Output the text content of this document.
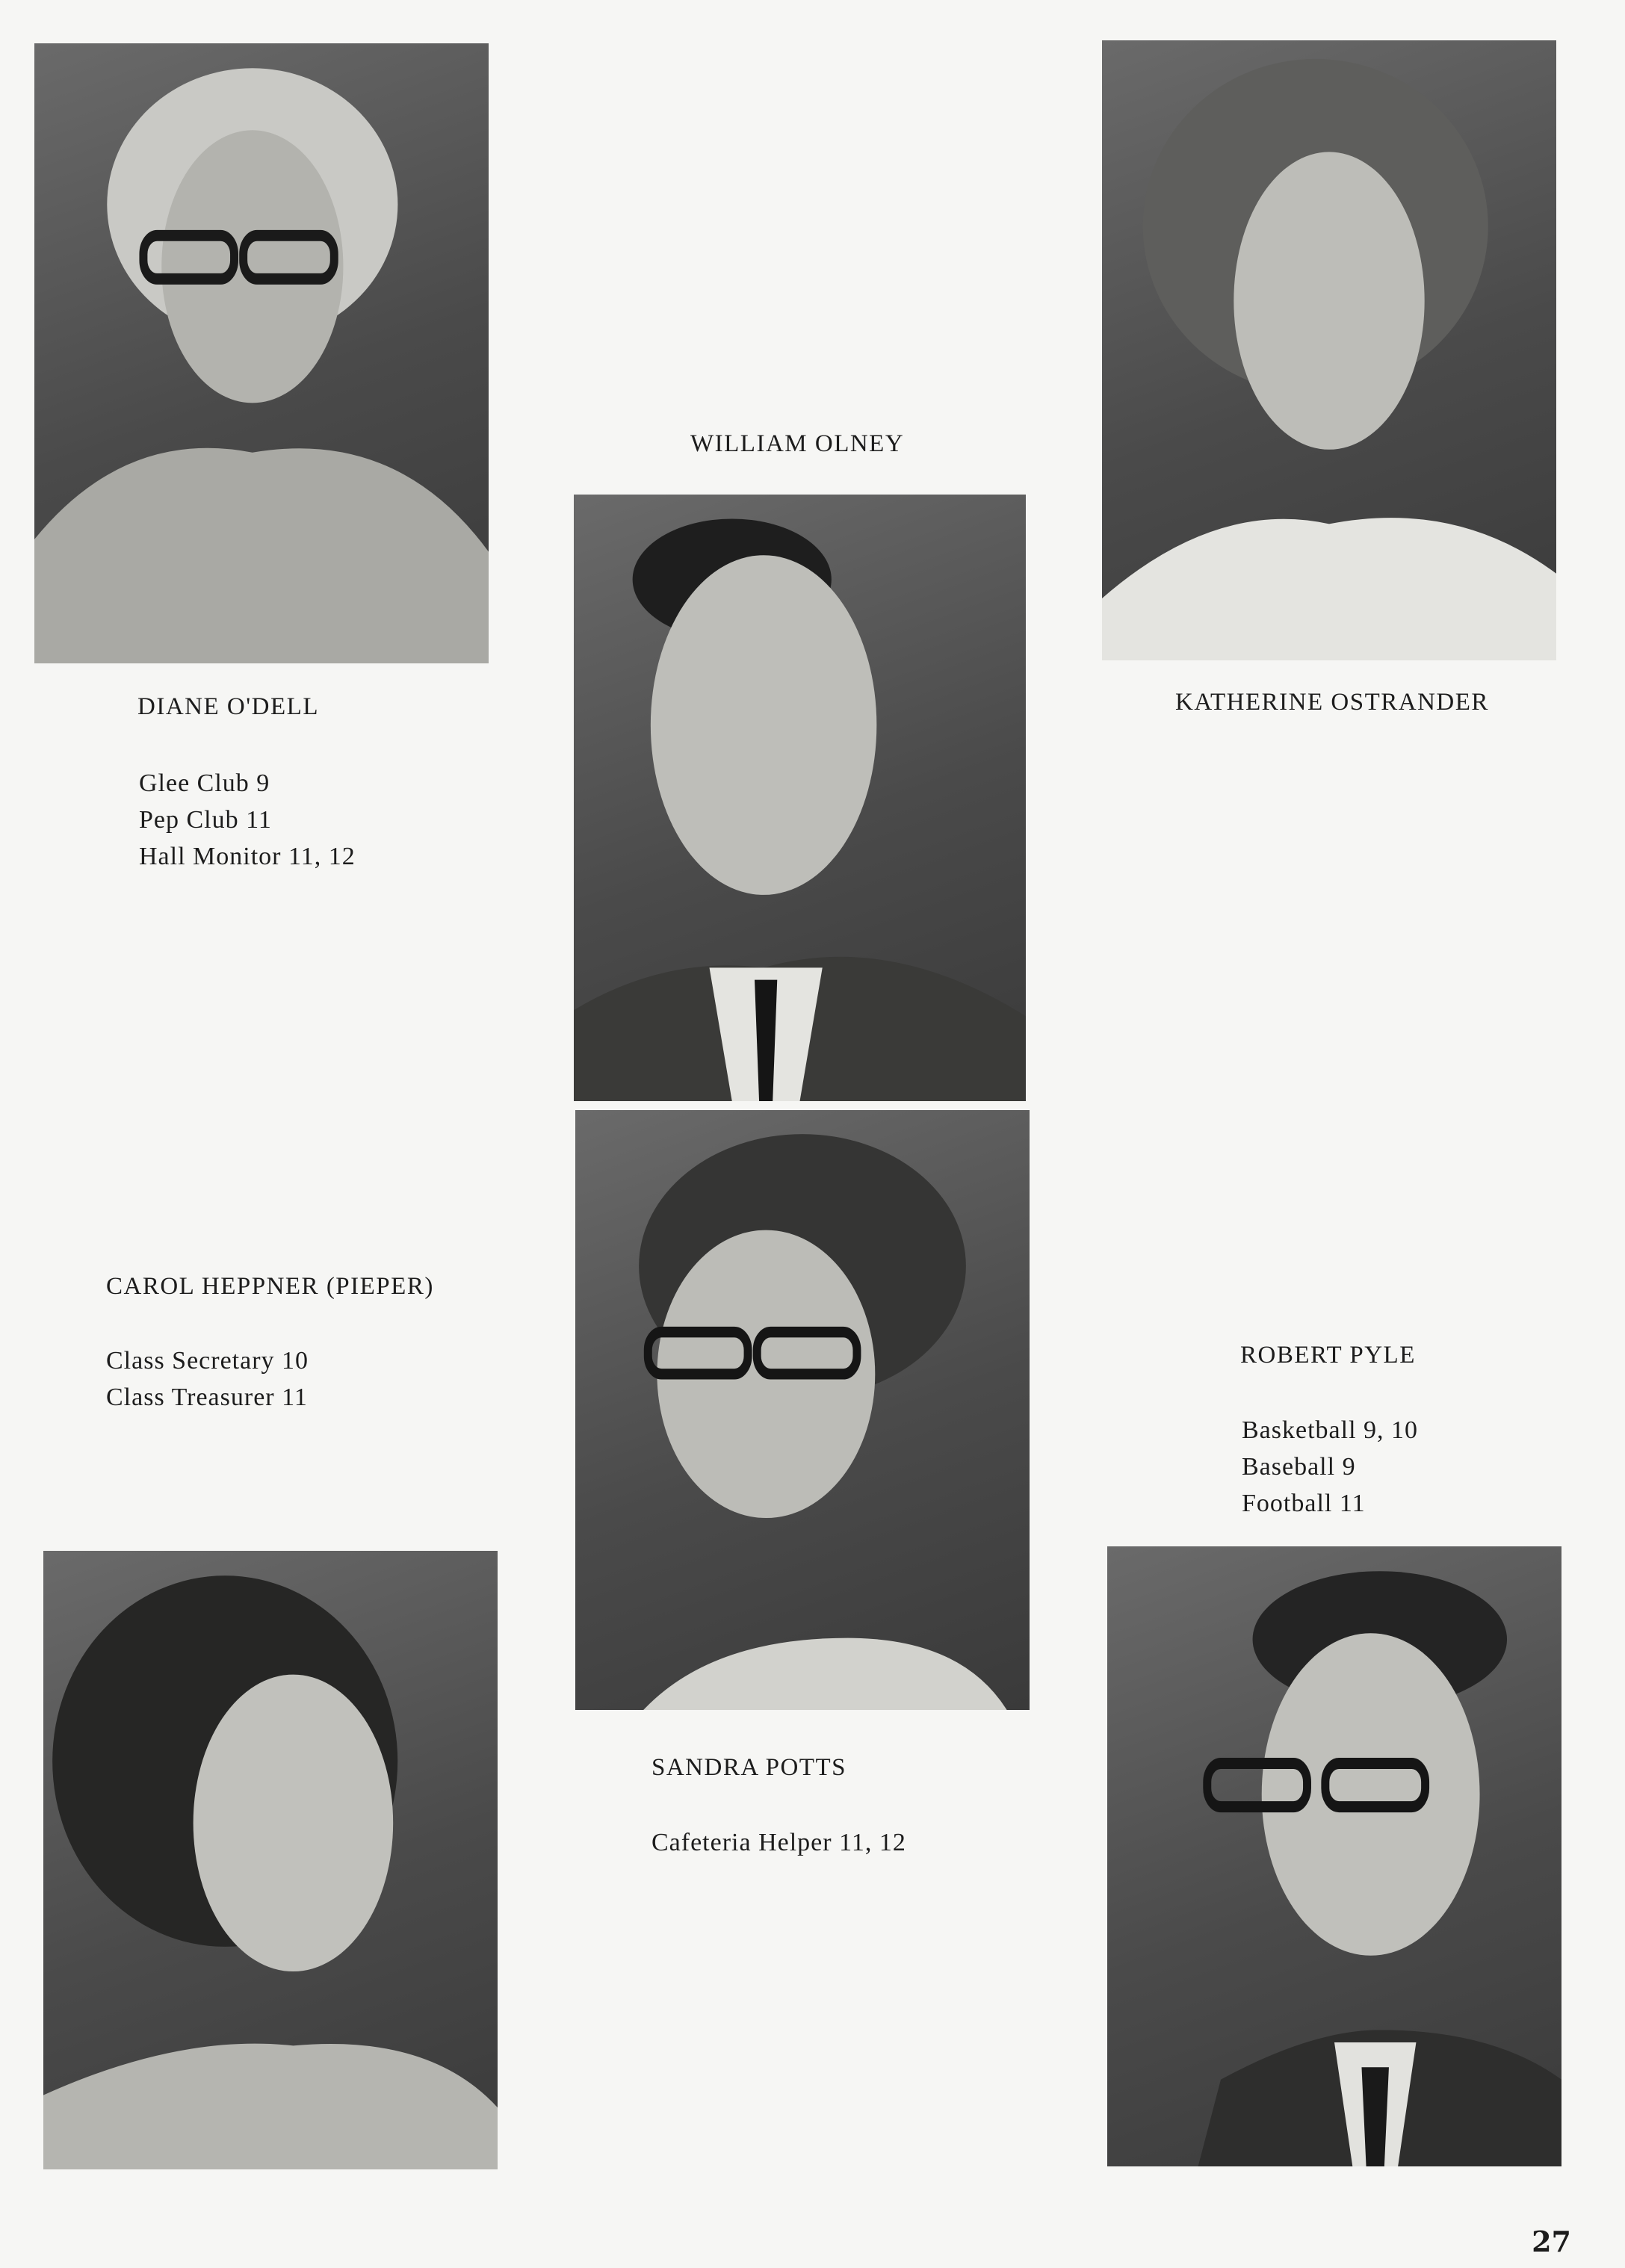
DIANE O'DELL
Glee Club 9
Pep Club 11
Hall Monitor 11, 12
WILLIAM OLNEY
KATHERINE OSTRANDER
CAROL HEPPNER (PIEPER)
Class Secretary 10
Class Treasurer 11
SANDRA POTTS
Cafeteria Helper 11, 12
ROBERT PYLE
Basketball 9, 10
Baseball 9
Football 11
27
